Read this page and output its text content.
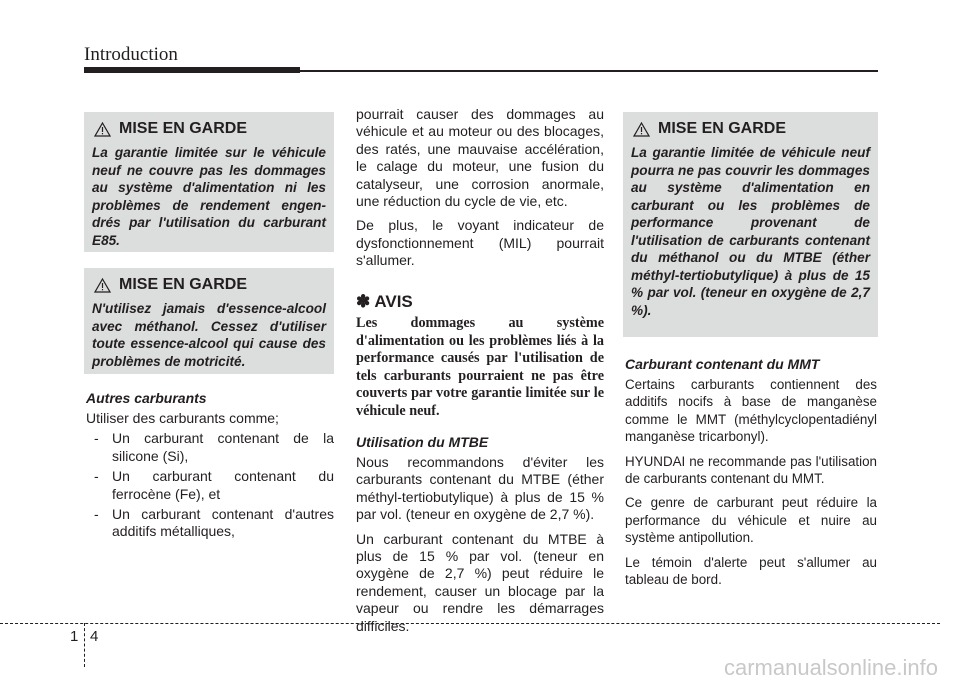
Introduction
MISE EN GARDE
La garantie limitée sur le véhicule neuf ne couvre pas les dommages au système d'alimentation ni les problèmes de rendement engen-drés par l'utilisation du carburant E85.
MISE EN GARDE
N'utilisez jamais d'essence-alcool avec méthanol. Cessez d'utiliser toute essence-alcool qui cause des problèmes de motricité.
Autres carburants

Utiliser des carburants comme;

- Un carburant contenant de la silicone (Si),
- Un carburant contenant du ferrocène (Fe), et
- Un carburant contenant d'autres additifs métalliques,

pourrait causer des dommages au véhicule et au moteur ou des blocages, des ratés, une mauvaise accélération, le calage du moteur, une fusion du catalyseur, une corrosion anormale, une réduction du cycle de vie, etc.

De plus, le voyant indicateur de dysfonctionnement (MIL) pourrait s'allumer.

✽ AVIS
Les dommages au système d'alimentation ou les problèmes liés à la performance causés par l'utilisation de tels carburants pourraient ne pas être couverts par votre garantie limitée sur le véhicule neuf.
Utilisation du MTBE

Nous recommandons d'éviter les carburants contenant du MTBE (éther méthyl-tertiobutylique) à plus de 15 % par vol. (teneur en oxygène de 2,7 %).

Un carburant contenant du MTBE à plus de 15 % par vol. (teneur en oxygène de 2,7 %) peut réduire le rendement, causer un blocage par la vapeur ou rendre les démarrages difficiles.

MISE EN GARDE
La garantie limitée de véhicule neuf pourra ne pas couvrir les dommages au système d'alimentation en carburant ou les problèmes de performance provenant de l'utilisation de carburants contenant du méthanol ou du MTBE (éther méthyl-tertiobutylique) à plus de 15 % par vol. (teneur en oxygène de 2,7 %).
Carburant contenant du MMT

Certains carburants contiennent des additifs nocifs à base de manganèse comme le MMT (méthylcyclopentadiényl manganèse tricarbonyl).

HYUNDAI ne recommande pas l'utilisation de carburants contenant du MMT.

Ce genre de carburant peut réduire la performance du véhicule et nuire au système antipollution.

Le témoin d'alerte peut s'allumer au tableau de bord.

1 4
carmanualsonline.info
